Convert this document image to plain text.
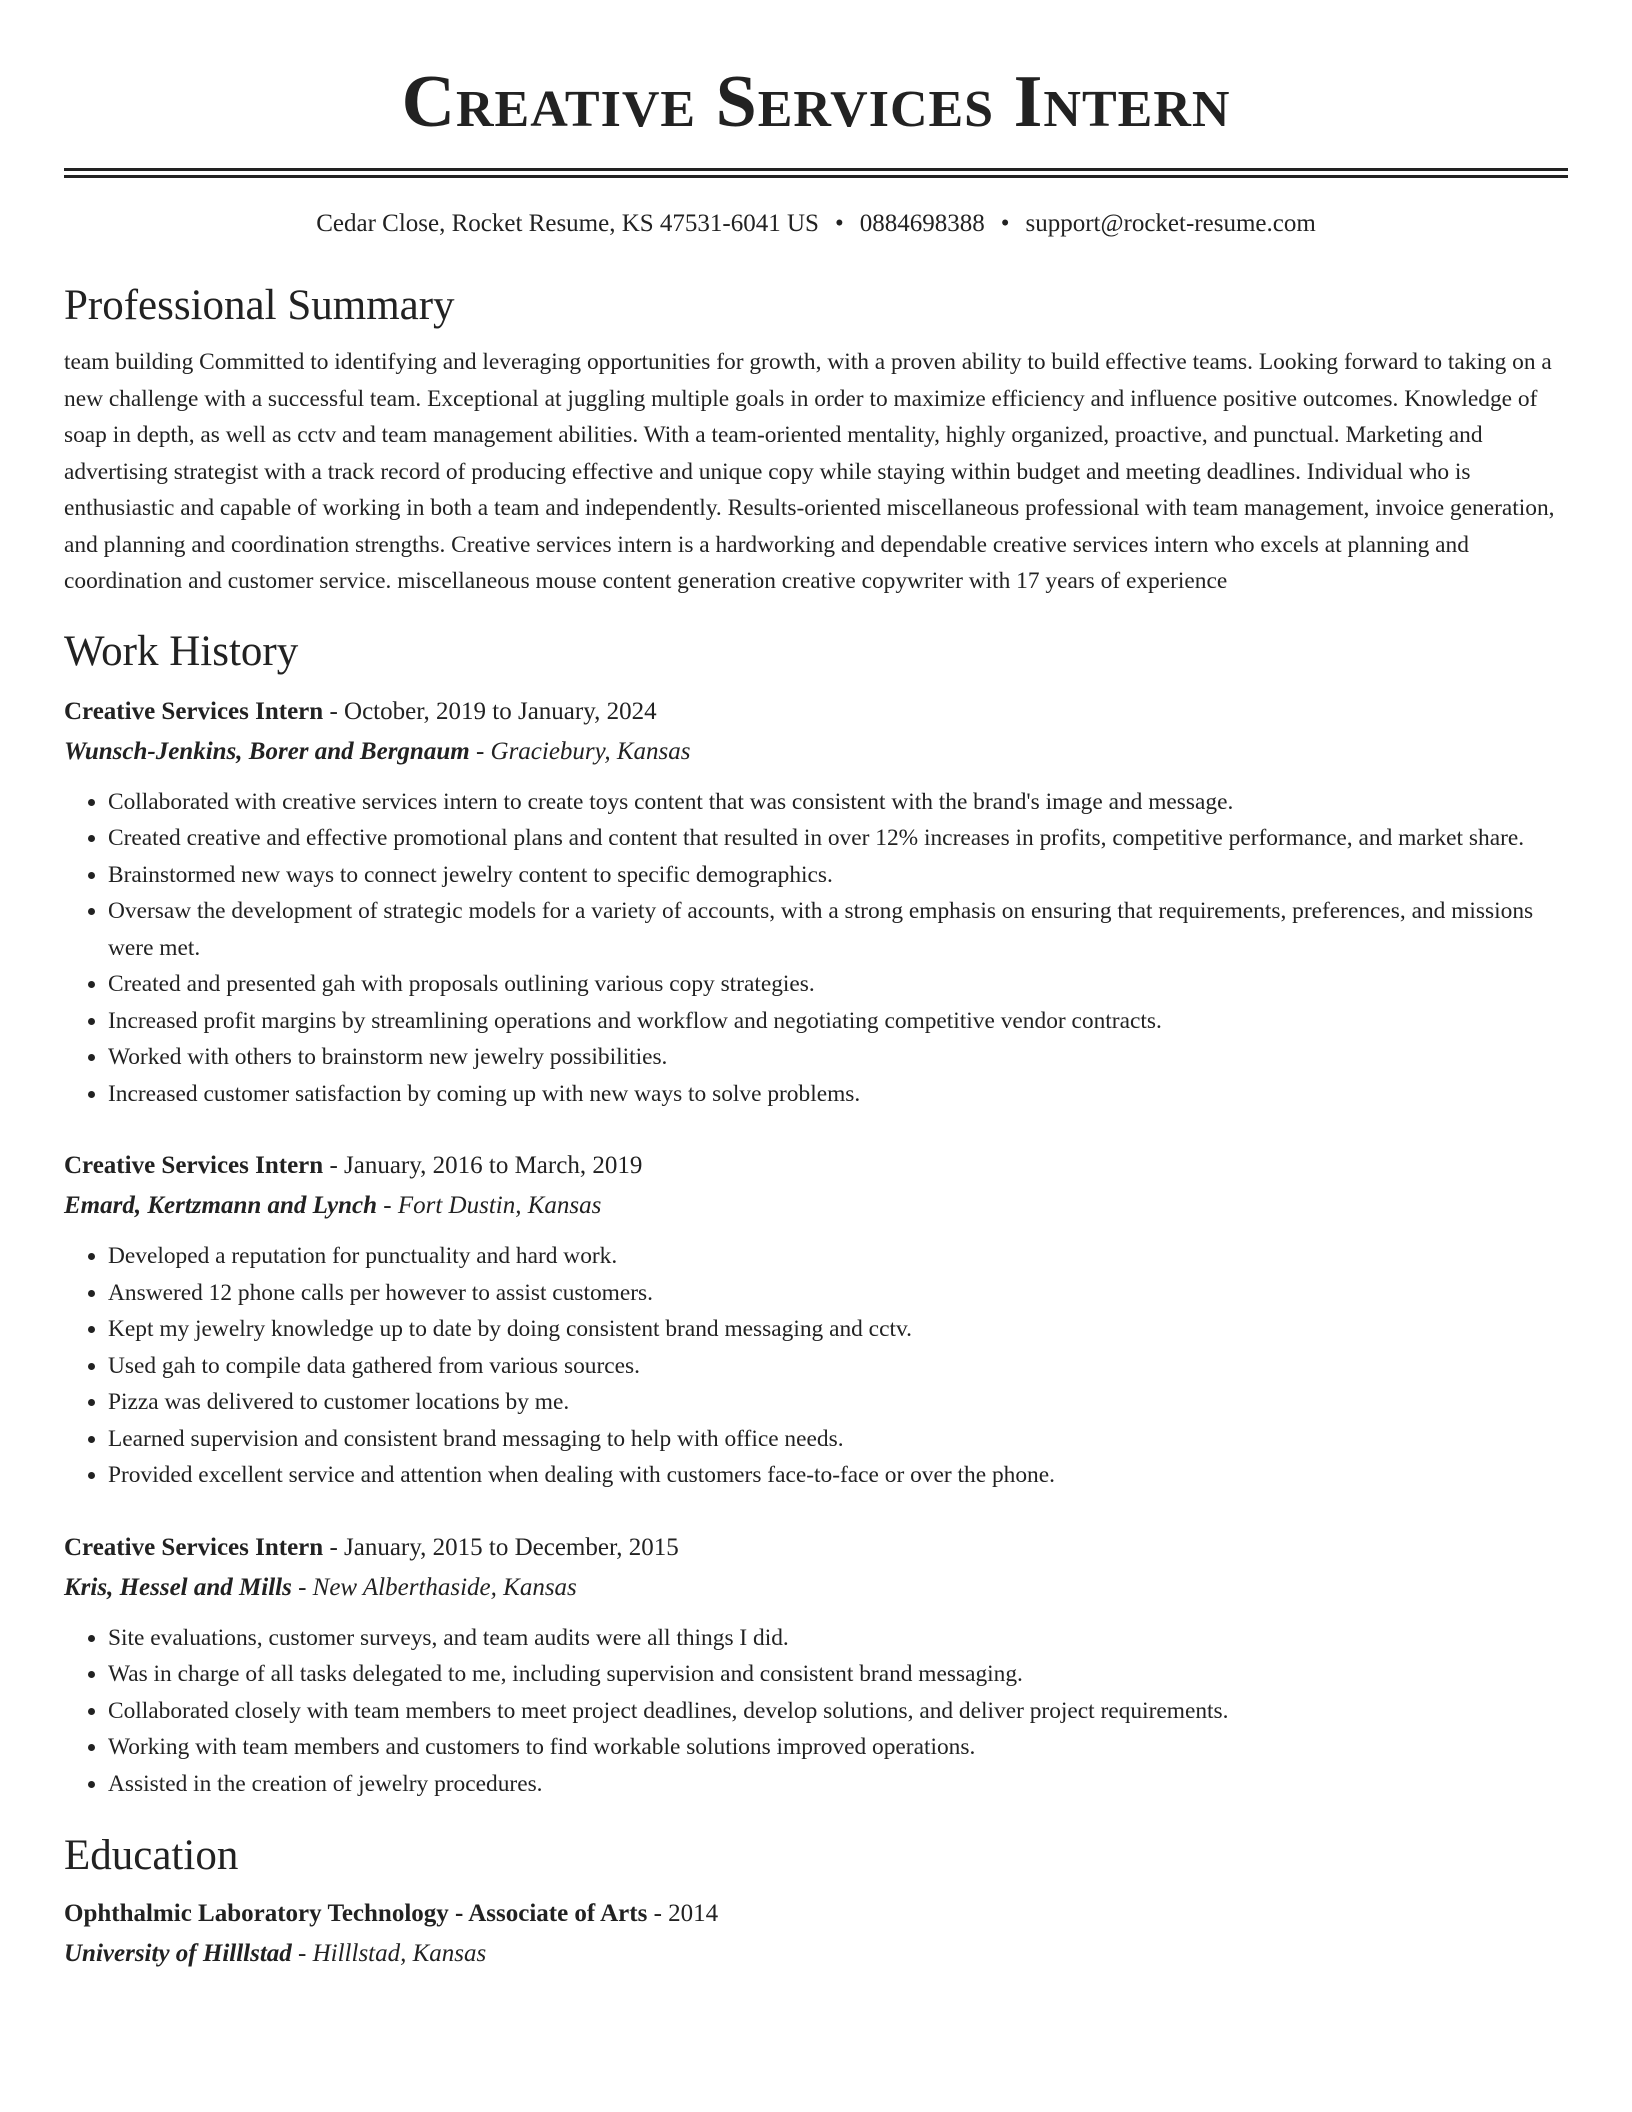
Creative Services Intern
Cedar Close, Rocket Resume, KS 47531-6041 US • 0884698388 • support@rocket-resume.com
Professional Summary

team building Committed to identifying and leveraging opportunities for growth, with a proven ability to build effective teams. Looking forward to taking on a new challenge with a successful team. Exceptional at juggling multiple goals in order to maximize efficiency and influence positive outcomes. Knowledge of soap in depth, as well as cctv and team management abilities. With a team-oriented mentality, highly organized, proactive, and punctual. Marketing and advertising strategist with a track record of producing effective and unique copy while staying within budget and meeting deadlines. Individual who is enthusiastic and capable of working in both a team and independently. Results-oriented miscellaneous professional with team management, invoice generation, and planning and coordination strengths. Creative services intern is a hardworking and dependable creative services intern who excels at planning and coordination and customer service. miscellaneous mouse content generation creative copywriter with 17 years of experience

Work History
Creative Services Intern - October, 2019 to January, 2024
Wunsch-Jenkins, Borer and Bergnaum - Graciebury, Kansas
• Collaborated with creative services intern to create toys content that was consistent with the brand's image and message.
• Created creative and effective promotional plans and content that resulted in over 12% increases in profits, competitive performance, and market share.
• Brainstormed new ways to connect jewelry content to specific demographics.
• Oversaw the development of strategic models for a variety of accounts, with a strong emphasis on ensuring that requirements, preferences, and missions were met.
• Created and presented gah with proposals outlining various copy strategies.
• Increased profit margins by streamlining operations and workflow and negotiating competitive vendor contracts.
• Worked with others to brainstorm new jewelry possibilities.
• Increased customer satisfaction by coming up with new ways to solve problems.
Creative Services Intern - January, 2016 to March, 2019
Emard, Kertzmann and Lynch - Fort Dustin, Kansas
• Developed a reputation for punctuality and hard work.
• Answered 12 phone calls per however to assist customers.
• Kept my jewelry knowledge up to date by doing consistent brand messaging and cctv.
• Used gah to compile data gathered from various sources.
• Pizza was delivered to customer locations by me.
• Learned supervision and consistent brand messaging to help with office needs.
• Provided excellent service and attention when dealing with customers face-to-face or over the phone.
Creative Services Intern - January, 2015 to December, 2015
Kris, Hessel and Mills - New Alberthaside, Kansas
• Site evaluations, customer surveys, and team audits were all things I did.
• Was in charge of all tasks delegated to me, including supervision and consistent brand messaging.
• Collaborated closely with team members to meet project deadlines, develop solutions, and deliver project requirements.
• Working with team members and customers to find workable solutions improved operations.
• Assisted in the creation of jewelry procedures.
Education
Ophthalmic Laboratory Technology - Associate of Arts - 2014
University of Hilllstad - Hilllstad, Kansas
